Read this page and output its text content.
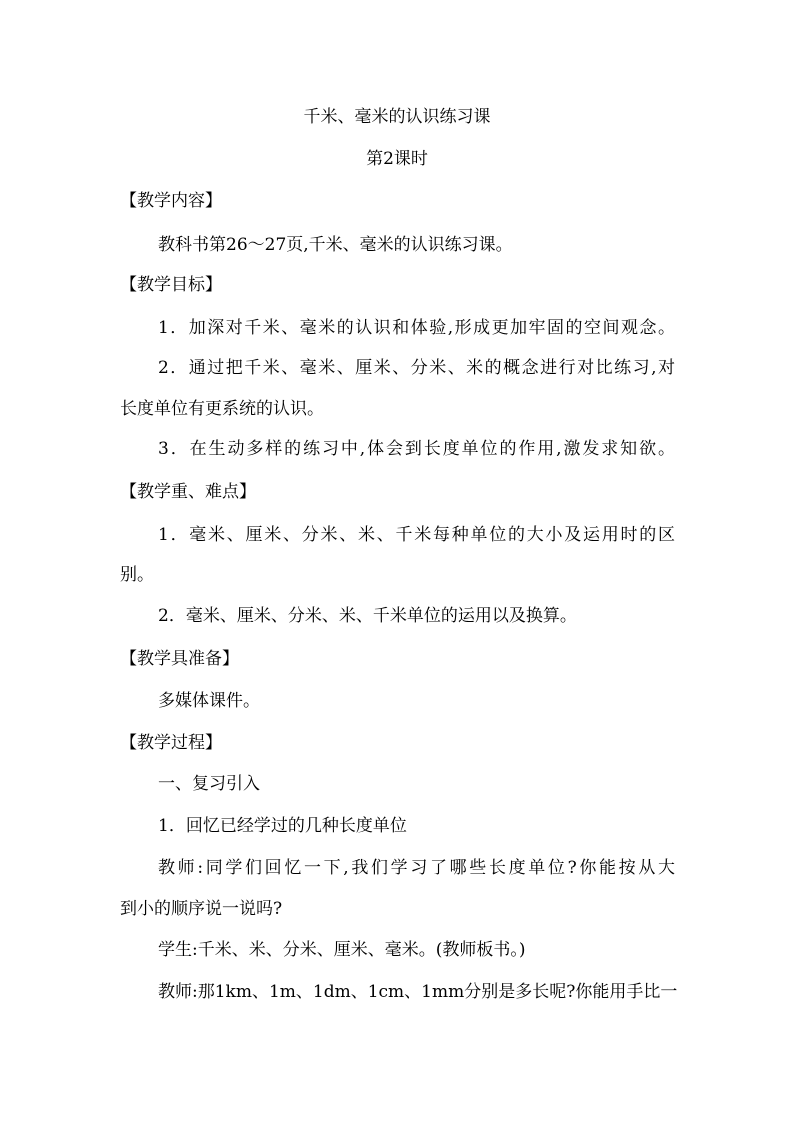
千米、毫米的认识练习课
第2课时
【教学内容】
教科书第26～27页,千米、毫米的认识练习课。
【教学目标】
1．加深对千米、毫米的认识和体验,形成更加牢固的空间观念。
2．通过把千米、毫米、厘米、分米、米的概念进行对比练习,对
长度单位有更系统的认识。
3．在生动多样的练习中,体会到长度单位的作用,激发求知欲。
【教学重、难点】
1．毫米、厘米、分米、米、千米每种单位的大小及运用时的区
别。
2．毫米、厘米、分米、米、千米单位的运用以及换算。
【教学具准备】
多媒体课件。
【教学过程】
一、复习引入
1．回忆已经学过的几种长度单位
教师:同学们回忆一下,我们学习了哪些长度单位?你能按从大
到小的顺序说一说吗?
学生:千米、米、分米、厘米、毫米。(教师板书。)
教师:那1km、1m、1dm、1cm、1mm分别是多长呢?你能用手比一
